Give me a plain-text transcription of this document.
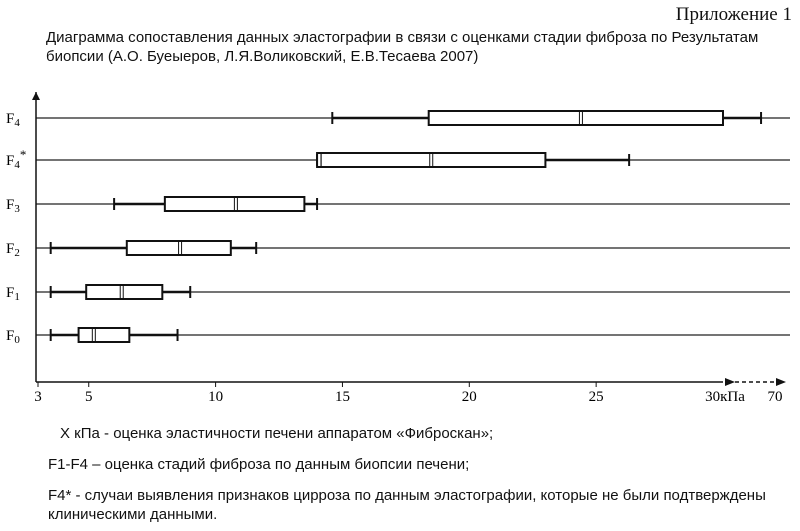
Приложение 1
Диаграмма сопоставления данных эластографии в связи с оценками стадии фиброза по Результатам биопсии (А.О. Буеыеров, Л.Я.Воликовский, Е.В.Тесаева 2007)
3	5	10	15	20	25	30кПа 70
$F_0$
$F_1$
$F_2$
$F_3$
$F_4*$
$F_4$
X кПа - оценка эластичности печени аппаратом «Фиброскан»;
F1-F4 – оценка стадий фиброза по данным биопсии печени;
F4* - случаи выявления признаков цирроза по данным эластографии, которые не были подтверждены клиническими данными.
